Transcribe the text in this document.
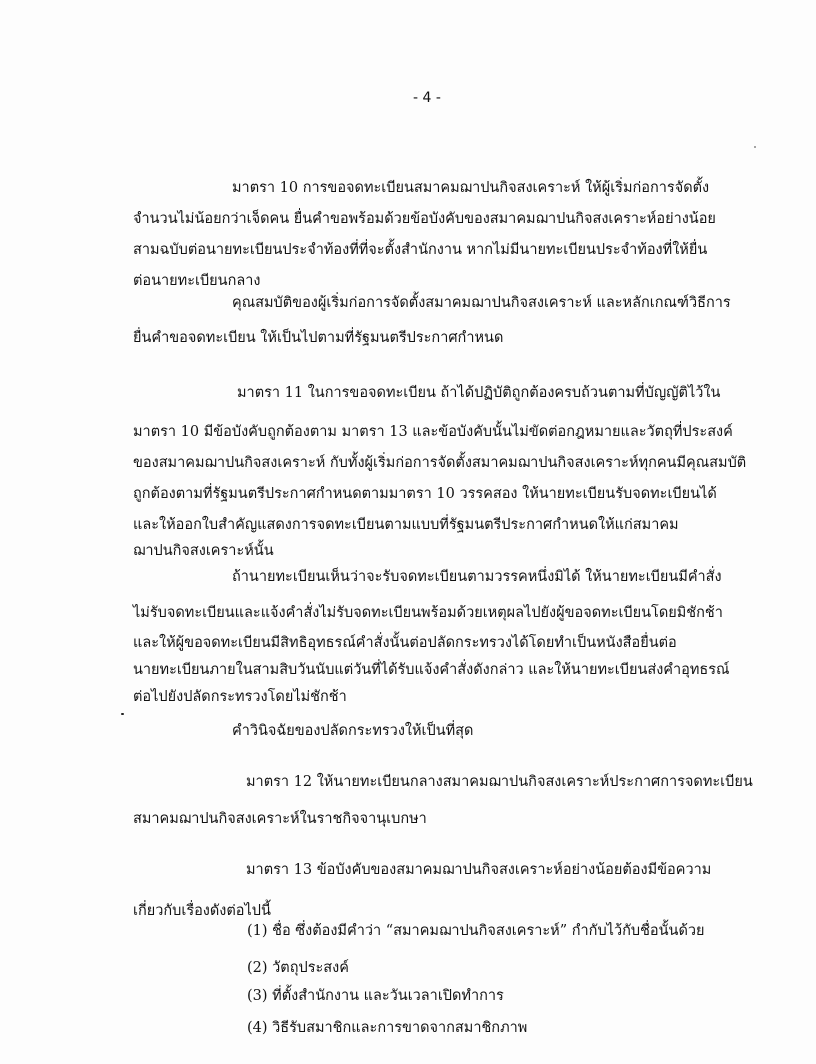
- 4 -
มาตรา 10 การขอจดทะเบียนสมาคมฌาปนกิจสงเคราะห์ ให้ผู้เริ่มก่อการจัดตั้ง
จำนวนไม่น้อยกว่าเจ็ดคน ยื่นคำขอพร้อมด้วยข้อบังคับของสมาคมฌาปนกิจสงเคราะห์อย่างน้อย
สามฉบับต่อนายทะเบียนประจำท้องที่ที่จะตั้งสำนักงาน หากไม่มีนายทะเบียนประจำท้องที่ให้ยื่น
ต่อนายทะเบียนกลาง
คุณสมบัติของผู้เริ่มก่อการจัดตั้งสมาคมฌาปนกิจสงเคราะห์ และหลักเกณฑ์วิธีการ
ยื่นคำขอจดทะเบียน ให้เป็นไปตามที่รัฐมนตรีประกาศกำหนด
มาตรา 11 ในการขอจดทะเบียน ถ้าได้ปฏิบัติถูกต้องครบถ้วนตามที่บัญญัติไว้ใน
มาตรา 10 มีข้อบังคับถูกต้องตาม มาตรา 13 และข้อบังคับนั้นไม่ขัดต่อกฎหมายและวัตถุที่ประสงค์
ของสมาคมฌาปนกิจสงเคราะห์ กับทั้งผู้เริ่มก่อการจัดตั้งสมาคมฌาปนกิจสงเคราะห์ทุกคนมีคุณสมบัติ
ถูกต้องตามที่รัฐมนตรีประกาศกำหนดตามมาตรา 10 วรรคสอง ให้นายทะเบียนรับจดทะเบียนได้
และให้ออกใบสำคัญแสดงการจดทะเบียนตามแบบที่รัฐมนตรีประกาศกำหนดให้แก่สมาคม
ฌาปนกิจสงเคราะห์นั้น
ถ้านายทะเบียนเห็นว่าจะรับจดทะเบียนตามวรรคหนึ่งมิได้ ให้นายทะเบียนมีคำสั่ง
ไม่รับจดทะเบียนและแจ้งคำสั่งไม่รับจดทะเบียนพร้อมด้วยเหตุผลไปยังผู้ขอจดทะเบียนโดยมิชักช้า
และให้ผู้ขอจดทะเบียนมีสิทธิอุทธรณ์คำสั่งนั้นต่อปลัดกระทรวงได้โดยทำเป็นหนังสือยื่นต่อ
นายทะเบียนภายในสามสิบวันนับแต่วันที่ได้รับแจ้งคำสั่งดังกล่าว และให้นายทะเบียนส่งคำอุทธรณ์
ต่อไปยังปลัดกระทรวงโดยไม่ชักช้า
คำวินิจฉัยของปลัดกระทรวงให้เป็นที่สุด
มาตรา 12 ให้นายทะเบียนกลางสมาคมฌาปนกิจสงเคราะห์ประกาศการจดทะเบียน
สมาคมฌาปนกิจสงเคราะห์ในราชกิจจานุเบกษา
มาตรา 13 ข้อบังคับของสมาคมฌาปนกิจสงเคราะห์อย่างน้อยต้องมีข้อความ
เกี่ยวกับเรื่องดังต่อไปนี้
(1) ชื่อ ซึ่งต้องมีคำว่า “สมาคมฌาปนกิจสงเคราะห์” กำกับไว้กับชื่อนั้นด้วย
(2) วัตถุประสงค์
(3) ที่ตั้งสำนักงาน และวันเวลาเปิดทำการ
(4) วิธีรับสมาชิกและการขาดจากสมาชิกภาพ
